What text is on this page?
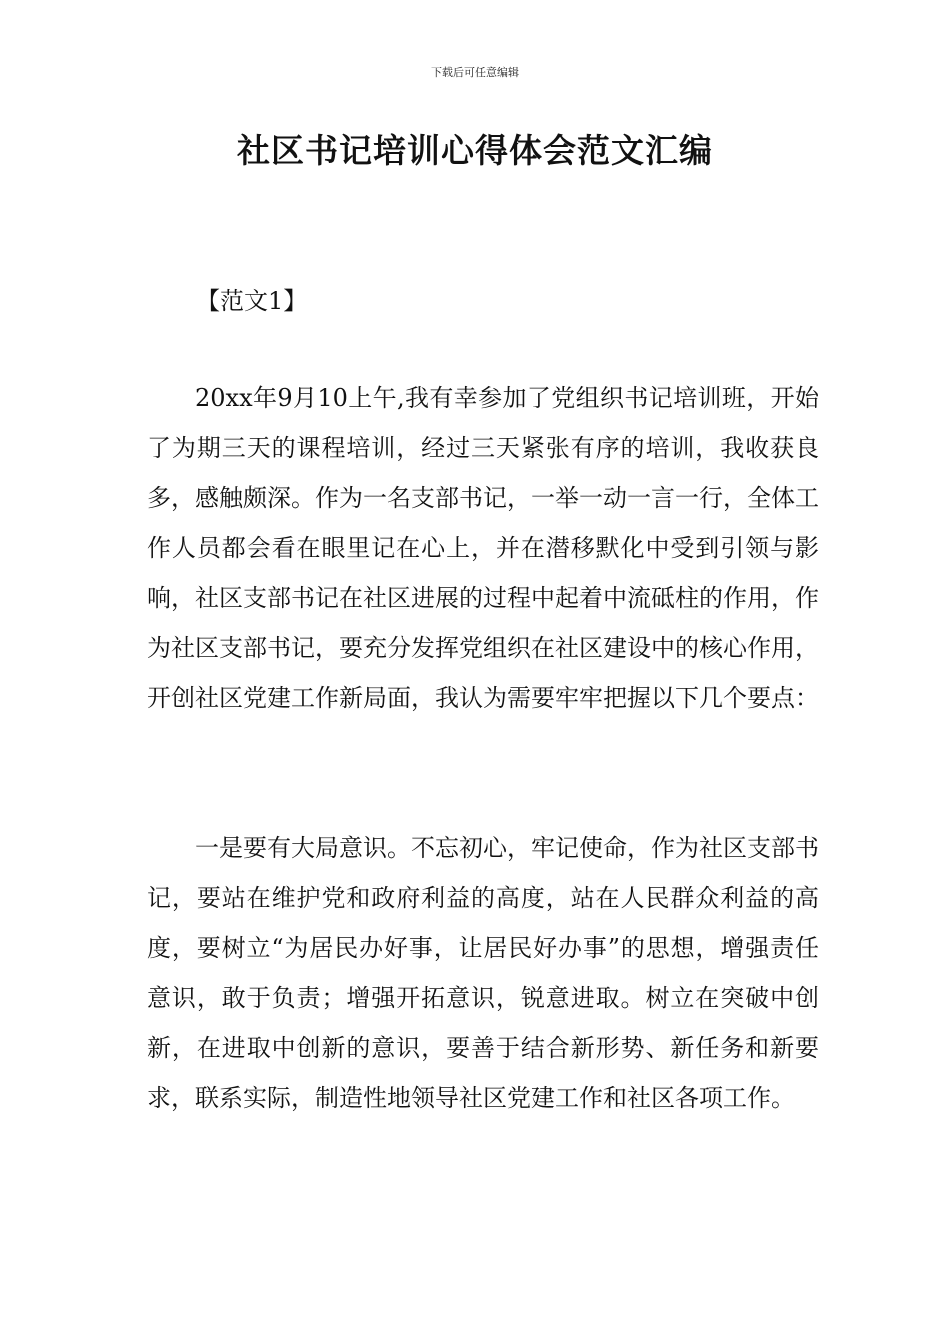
下载后可任意编辑
社区书记培训心得体会范文汇编
【范文1】

20xx年9月10上午,我有幸参加了党组织书记培训班，开始了为期三天的课程培训，经过三天紧张有序的培训，我收获良多，感触颇深。作为一名支部书记，一举一动一言一行，全体工作人员都会看在眼里记在心上，并在潜移默化中受到引领与影响，社区支部书记在社区进展的过程中起着中流砥柱的作用，作为社区支部书记，要充分发挥党组织在社区建设中的核心作用，开创社区党建工作新局面，我认为需要牢牢把握以下几个要点：

一是要有大局意识。不忘初心，牢记使命，作为社区支部书记，要站在维护党和政府利益的高度，站在人民群众利益的高度，要树立“为居民办好事，让居民好办事”的思想，增强责任意识，敢于负责；增强开拓意识，锐意进取。树立在突破中创新，在进取中创新的意识，要善于结合新形势、新任务和新要求，联系实际，制造性地领导社区党建工作和社区各项工作。
